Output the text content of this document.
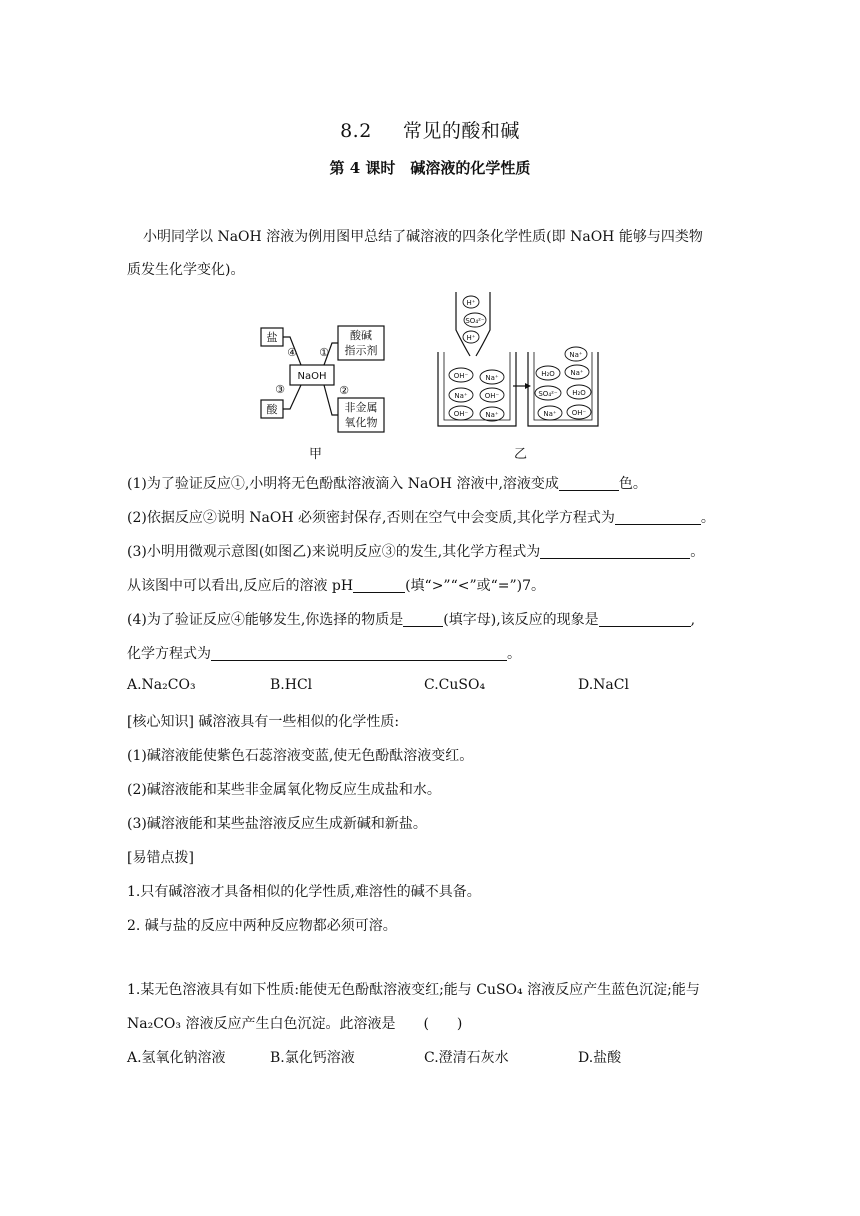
8.2 常见的酸和碱
第 4 课时　碱溶液的化学性质
小明同学以 NaOH 溶液为例用图甲总结了碱溶液的四条化学性质(即 NaOH 能够与四类物
质发生化学变化)。
盐	酸碱
指示剂
NaOH
酸	非金属
氧化物
④ ①
③	②
甲
H⁺
SO₄²⁻
H⁺
OH⁻ Na⁺
Na⁺ OH⁻
OH⁻ Na⁺
Na⁺
H₂O Na⁺
SO₄²⁻ H₂O
Na⁺ OH⁻
乙
(1)为了验证反应①,小明将无色酚酞溶液滴入 NaOH 溶液中,溶液变成	色。
(2)依据反应②说明 NaOH 必须密封保存,否则在空气中会变质,其化学方程式为	。
(3)小明用微观示意图(如图乙)来说明反应③的发生,其化学方程式为	。
从该图中可以看出,反应后的溶液 pH	(填“>”“<”或“=”)7。
(4)为了验证反应④能够发生,你选择的物质是	(填字母),该反应的现象是	,
化学方程式为	。
A.Na₂CO₃	B.HCl	C.CuSO₄	D.NaCl
[核心知识] 碱溶液具有一些相似的化学性质:
(1)碱溶液能使紫色石蕊溶液变蓝,使无色酚酞溶液变红。
(2)碱溶液能和某些非金属氧化物反应生成盐和水。
(3)碱溶液能和某些盐溶液反应生成新碱和新盐。
[易错点拨]
1.只有碱溶液才具备相似的化学性质,难溶性的碱不具备。
2. 碱与盐的反应中两种反应物都必须可溶。
1.某无色溶液具有如下性质:能使无色酚酞溶液变红;能与 CuSO₄ 溶液反应产生蓝色沉淀;能与
Na₂CO₃ 溶液反应产生白色沉淀。此溶液是　　(　　)
A.氢氧化钠溶液	B.氯化钙溶液	C.澄清石灰水	D.盐酸
